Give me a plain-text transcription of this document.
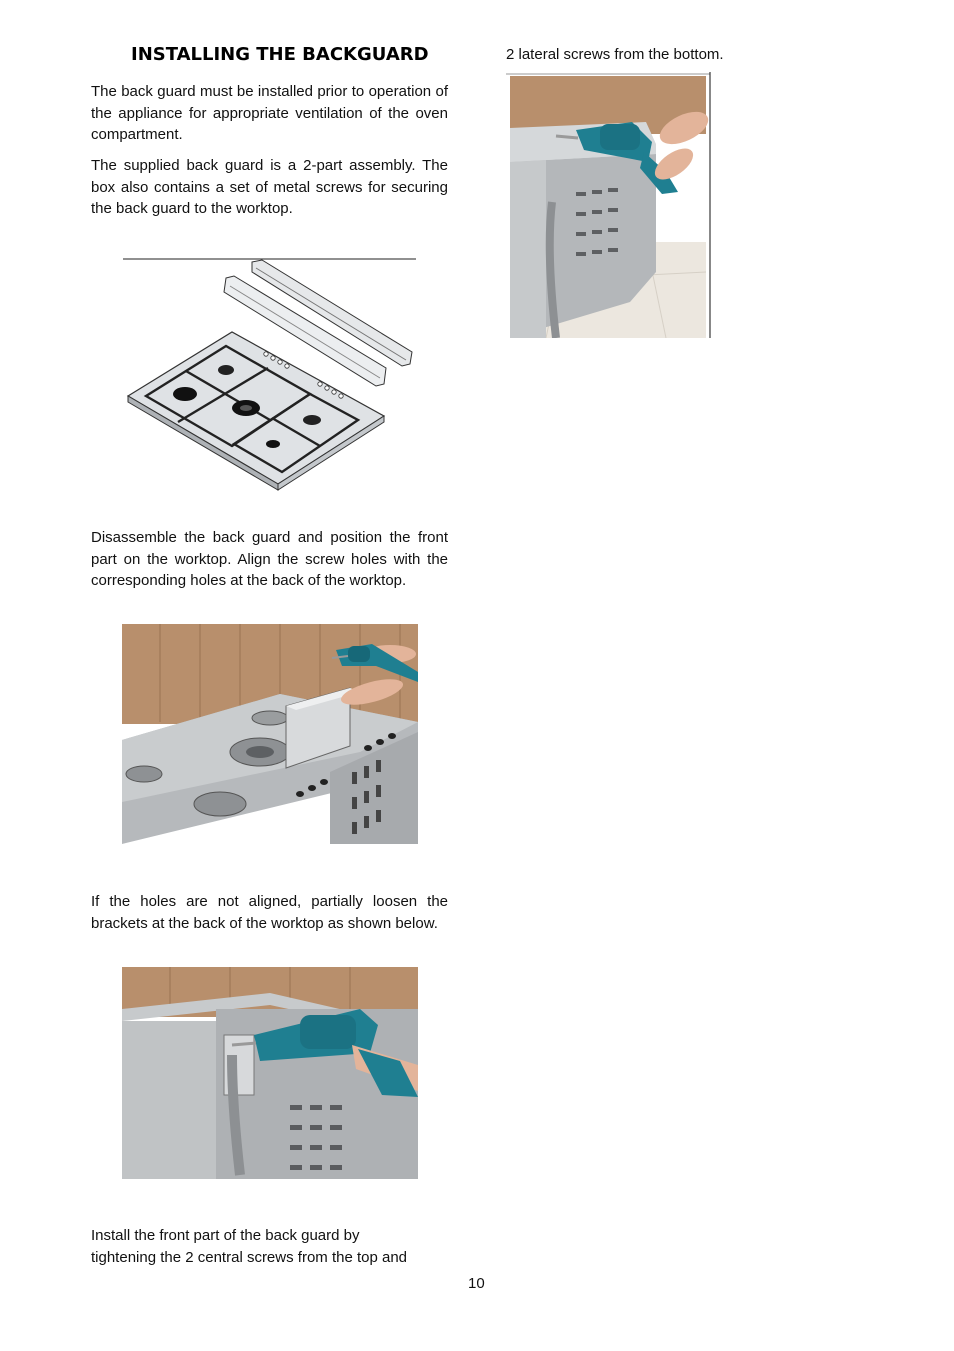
INSTALLING THE BACKGUARD

The back guard must be installed prior to operation of the appliance for appropriate ventilation of the oven compartment.

The supplied back guard is a 2-part assembly. The box also contains a set of metal screws for securing the back guard to the worktop.

Disassemble the back guard and position the front part on the worktop. Align the screw holes with the corresponding holes at the back of the worktop.

If the holes are not aligned, partially loosen the brackets at the back of the worktop as shown below.

Install the front part of the back guard by

tightening the 2 central screws from the top and

2 lateral screws from the bottom.

10
